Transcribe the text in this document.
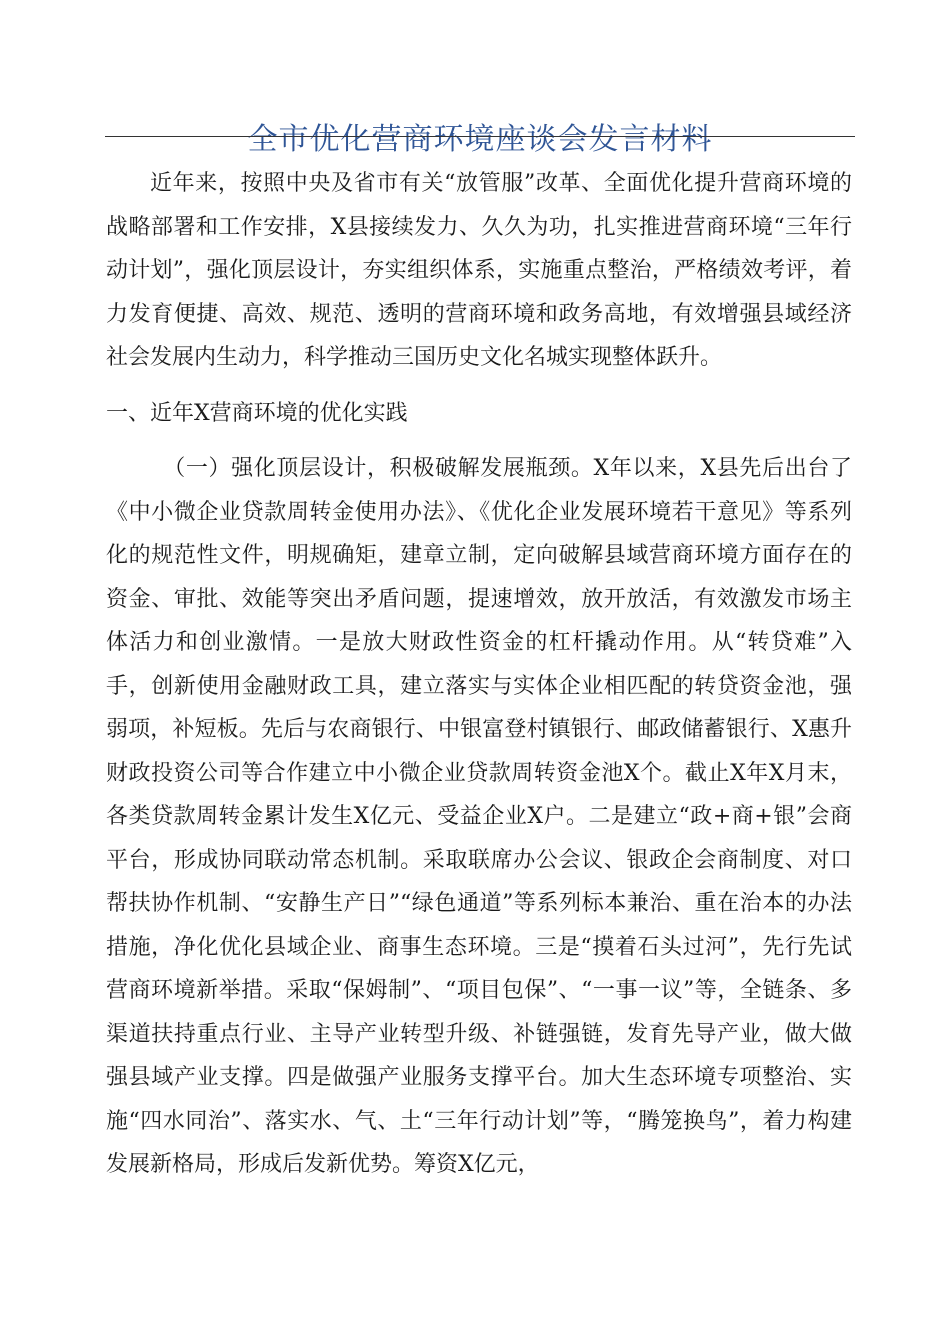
全市优化营商环境座谈会发言材料

近年来，按照中央及省市有关“放管服”改革、全面优化提升营商环境的战略部署和工作安排，X县接续发力、久久为功，扎实推进营商环境“三年行动计划”，强化顶层设计，夯实组织体系，实施重点整治，严格绩效考评，着力发育便捷、高效、规范、透明的营商环境和政务高地，有效增强县域经济社会发展内生动力，科学推动三国历史文化名城实现整体跃升。

一、近年X营商环境的优化实践

（一）强化顶层设计，积极破解发展瓶颈。X年以来，X县先后出台了《中小微企业贷款周转金使用办法》、《优化企业发展环境若干意见》等系列化的规范性文件，明规确矩，建章立制，定向破解县域营商环境方面存在的资金、审批、效能等突出矛盾问题，提速增效，放开放活，有效激发市场主体活力和创业激情。一是放大财政性资金的杠杆撬动作用。从“转贷难”入手，创新使用金融财政工具，建立落实与实体企业相匹配的转贷资金池，强弱项，补短板。先后与农商银行、中银富登村镇银行、邮政储蓄银行、X惠升财政投资公司等合作建立中小微企业贷款周转资金池X个。截止X年X月末，各类贷款周转金累计发生X亿元、受益企业X户。二是建立“政+商+银”会商平台，形成协同联动常态机制。采取联席办公会议、银政企会商制度、对口帮扶协作机制、“安静生产日”“绿色通道”等系列标本兼治、重在治本的办法措施，净化优化县域企业、商事生态环境。三是“摸着石头过河”，先行先试营商环境新举措。采取“保姆制”、“项目包保”、“一事一议”等，全链条、多渠道扶持重点行业、主导产业转型升级、补链强链，发育先导产业，做大做强县域产业支撑。四是做强产业服务支撑平台。加大生态环境专项整治、实施“四水同治”、落实水、气、土“三年行动计划”等，“腾笼换鸟”，着力构建发展新格局，形成后发新优势。筹资X亿元，
